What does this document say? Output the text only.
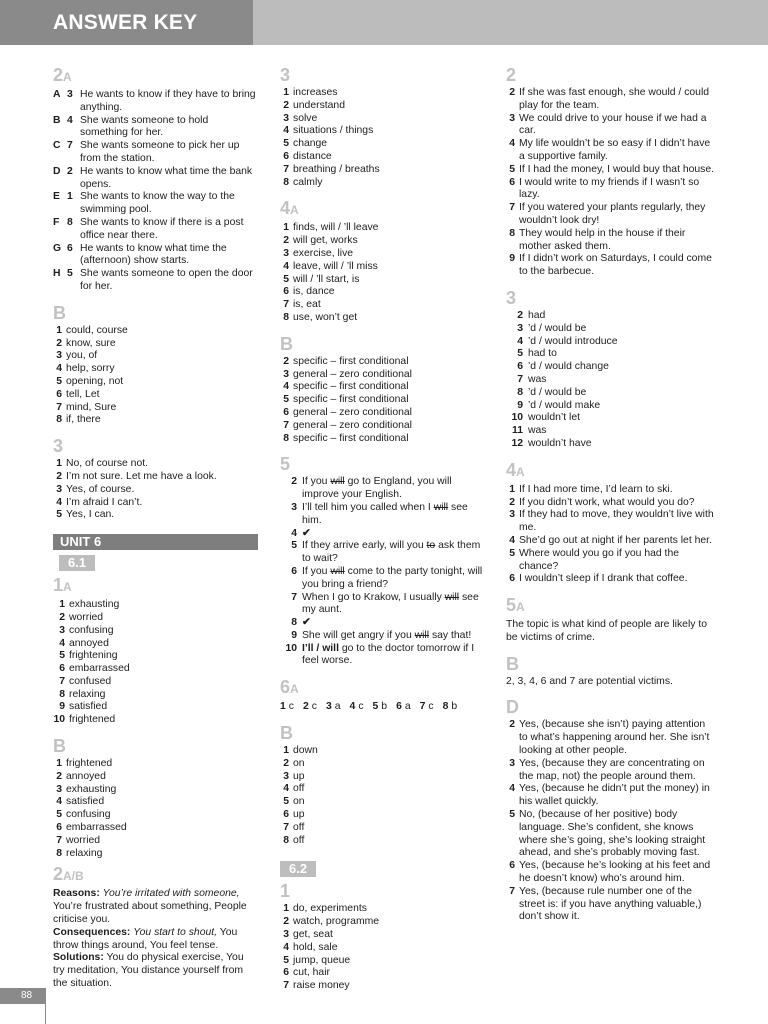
ANSWER KEY
2A
A 3 He wants to know if they have to bring anything.
B 4 She wants someone to hold something for her.
C 7 She wants someone to pick her up from the station.
D 2 He wants to know what time the bank opens.
E 1 She wants to know the way to the swimming pool.
F 8 She wants to know if there is a post office near there.
G 6 He wants to know what time the (afternoon) show starts.
H 5 She wants someone to open the door for her.
B
1 could, course
2 know, sure
3 you, of
4 help, sorry
5 opening, not
6 tell, Let
7 mind, Sure
8 if, there
3
1 No, of course not.
2 I’m not sure. Let me have a look.
3 Yes, of course.
4 I’m afraid I can’t.
5 Yes, I can.
UNIT 6
6.1
1A
1 exhausting
2 worried
3 confusing
4 annoyed
5 frightening
6 embarrassed
7 confused
8 relaxing
9 satisfied
10 frightened
B
1 frightened
2 annoyed
3 exhausting
4 satisfied
5 confusing
6 embarrassed
7 worried
8 relaxing
2A/B
Reasons: You’re irritated with someone, You’re frustrated about something, People criticise you.
Consequences: You start to shout, You throw things around, You feel tense.
Solutions: You do physical exercise, You try meditation, You distance yourself from the situation.
3
1 increases
2 understand
3 solve
4 situations / things
5 change
6 distance
7 breathing / breaths
8 calmly
4A
1 finds, will / ’ll leave
2 will get, works
3 exercise, live
4 leave, will / ’ll miss
5 will / ’ll start, is
6 is, dance
7 is, eat
8 use, won’t get
B
2 specific – first conditional
3 general – zero conditional
4 specific – first conditional
5 specific – first conditional
6 general – zero conditional
7 general – zero conditional
8 specific – first conditional
5
2 If you will go to England, you will improve your English.
3 I’ll tell him you called when I will see him.
4 ✔
5 If they arrive early, will you to ask them to wait?
6 If you will come to the party tonight, will you bring a friend?
7 When I go to Krakow, I usually will see my aunt.
8 ✔
9 She will get angry if you will say that!
10 I’ll / will go to the doctor tomorrow if I feel worse.
6A
1 c 2 c 3 a 4 c 5 b 6 a 7 c 8 b
B
1 down
2 on
3 up
4 off
5 on
6 up
7 off
8 off
6.2
1
1 do, experiments
2 watch, programme
3 get, seat
4 hold, sale
5 jump, queue
6 cut, hair
7 raise money
2
2 If she was fast enough, she would / could play for the team.
3 We could drive to your house if we had a car.
4 My life wouldn’t be so easy if I didn’t have a supportive family.
5 If I had the money, I would buy that house.
6 I would write to my friends if I wasn’t so lazy.
7 If you watered your plants regularly, they wouldn’t look dry!
8 They would help in the house if their mother asked them.
9 If I didn’t work on Saturdays, I could come to the barbecue.
3
2 had
3 ’d / would be
4 ’d / would introduce
5 had to
6 ’d / would change
7 was
8 ’d / would be
9 ’d / would make
10 wouldn’t let
11 was
12 wouldn’t have
4A
1 If I had more time, I’d learn to ski.
2 If you didn’t work, what would you do?
3 If they had to move, they wouldn’t live with me.
4 She’d go out at night if her parents let her.
5 Where would you go if you had the chance?
6 I wouldn’t sleep if I drank that coffee.
5A
The topic is what kind of people are likely to be victims of crime.
B
2, 3, 4, 6 and 7 are potential victims.
D
2 Yes, (because she isn’t) paying attention to what’s happening around her. She isn’t looking at other people.
3 Yes, (because they are concentrating on the map, not) the people around them.
4 Yes, (because he didn’t put the money) in his wallet quickly.
5 No, (because of her positive) body language. She’s confident, she knows where she’s going, she’s looking straight ahead, and she’s probably moving fast.
6 Yes, (because he’s looking at his feet and he doesn’t know) who’s around him.
7 Yes, (because rule number one of the street is: if you have anything valuable,) don’t show it.
88
